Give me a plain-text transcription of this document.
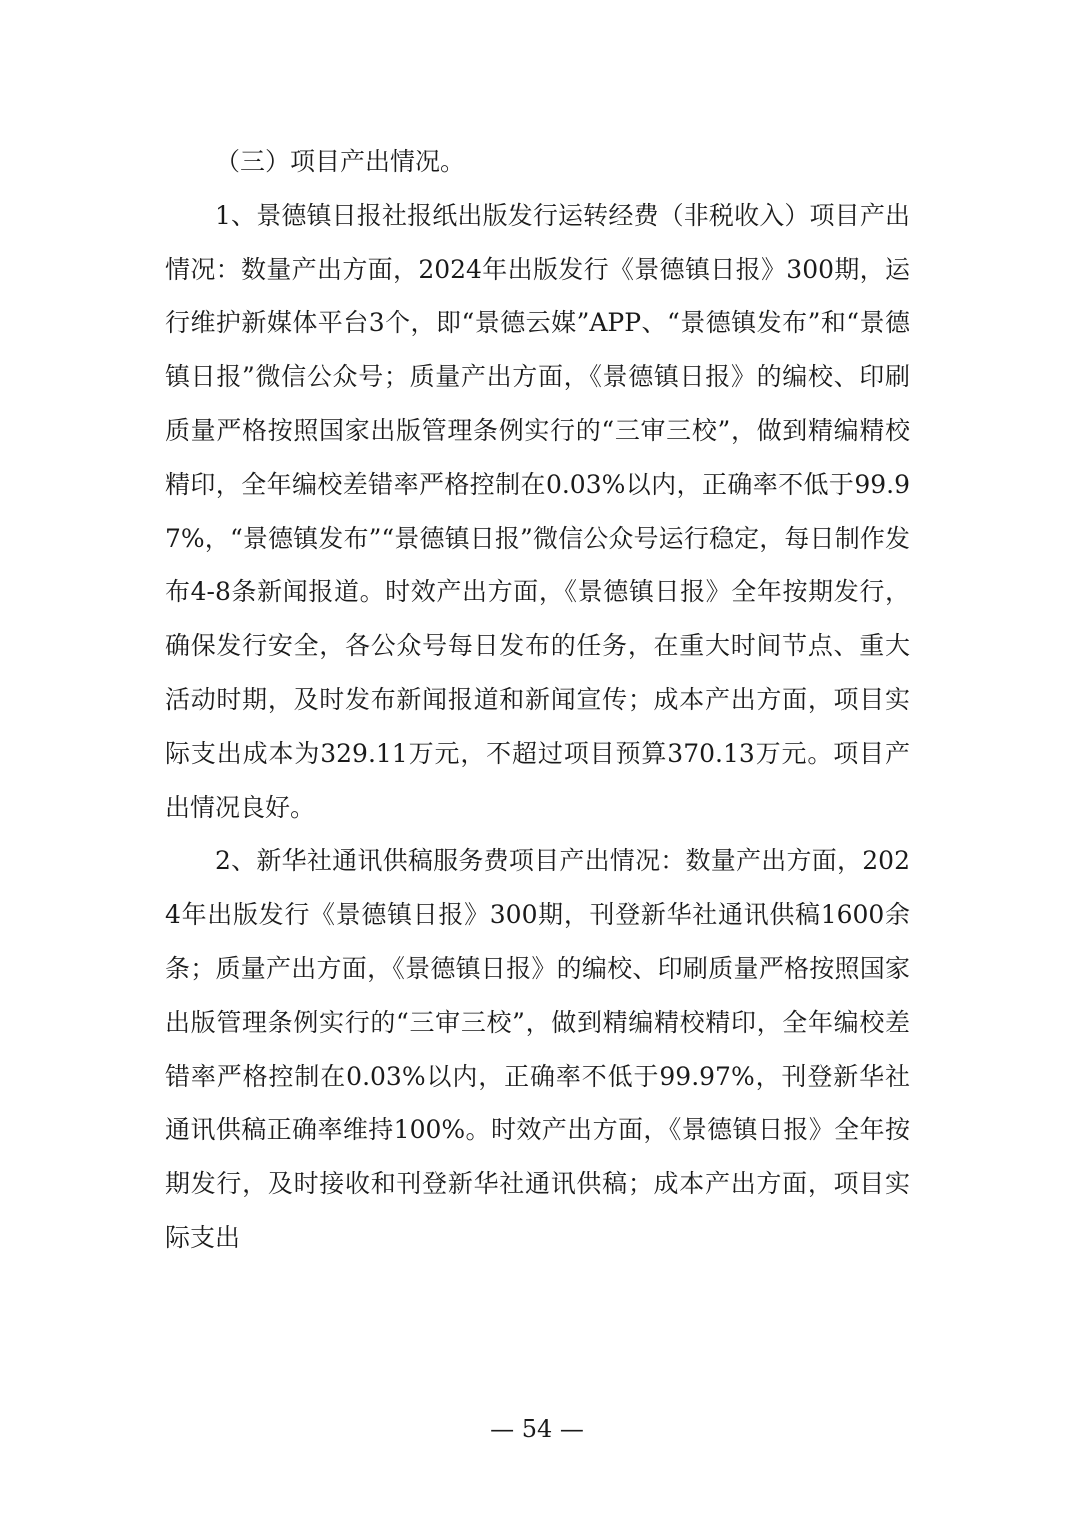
（三）项目产出情况。

1、景德镇日报社报纸出版发行运转经费（非税收入）项目产出情况：数量产出方面，2024年出版发行《景德镇日报》300期，运行维护新媒体平台3个，即“景德云媒”APP、“景德镇发布”和“景德镇日报”微信公众号；质量产出方面，《景德镇日报》的编校、印刷质量严格按照国家出版管理条例实行的“三审三校”，做到精编精校精印，全年编校差错率严格控制在0.03%以内，正确率不低于99.97%，“景德镇发布”“景德镇日报”微信公众号运行稳定，每日制作发布4-8条新闻报道。时效产出方面，《景德镇日报》全年按期发行，确保发行安全，各公众号每日发布的任务，在重大时间节点、重大活动时期，及时发布新闻报道和新闻宣传；成本产出方面，项目实际支出成本为329.11万元，不超过项目预算370.13万元。项目产出情况良好。

2、新华社通讯供稿服务费项目产出情况：数量产出方面，2024年出版发行《景德镇日报》300期，刊登新华社通讯供稿1600余条；质量产出方面，《景德镇日报》的编校、印刷质量严格按照国家出版管理条例实行的“三审三校”，做到精编精校精印，全年编校差错率严格控制在0.03%以内，正确率不低于99.97%，刊登新华社通讯供稿正确率维持100%。时效产出方面，《景德镇日报》全年按期发行，及时接收和刊登新华社通讯供稿；成本产出方面，项目实际支出

— 54 —
